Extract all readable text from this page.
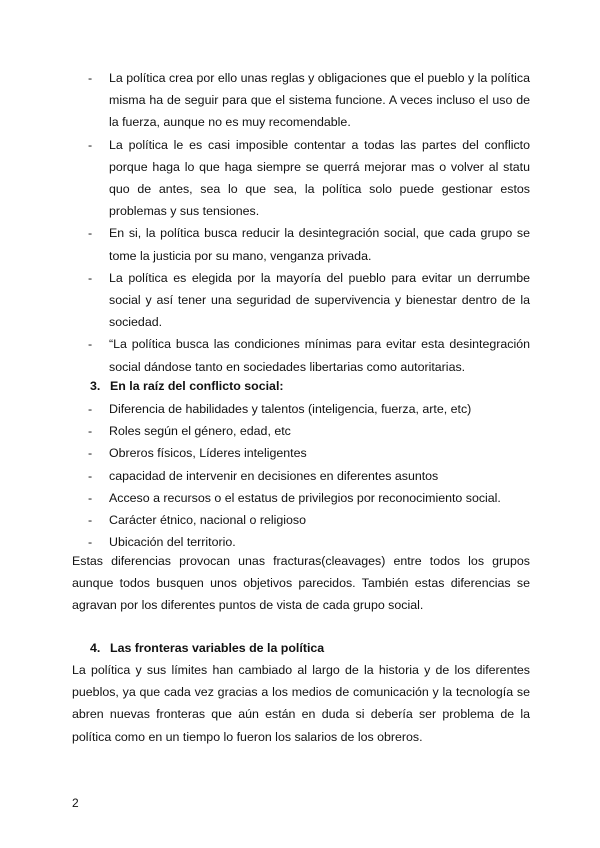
-	La política crea por ello unas reglas y obligaciones que el pueblo y la política misma ha de seguir para que el sistema funcione. A veces incluso el uso de la fuerza, aunque no es muy recomendable.
-	La política le es casi imposible contentar a todas las partes del conflicto porque haga lo que haga siempre se querrá mejorar mas o volver al statu quo de antes, sea lo que sea, la política solo puede gestionar estos problemas y sus tensiones.
-	En si, la política busca reducir la desintegración social, que cada grupo se tome la justicia por su mano, venganza privada.
-	La política es elegida por la mayoría del pueblo para evitar un derrumbe social y así tener una seguridad de supervivencia y bienestar dentro de la sociedad.
-	“La política busca las condiciones mínimas para evitar esta desintegración social dándose tanto en sociedades libertarias como autoritarias.
3. En la raíz del conflicto social:
-	Diferencia de habilidades y talentos (inteligencia, fuerza, arte, etc)
-	Roles según el género, edad, etc
-	Obreros físicos, Líderes inteligentes
-	capacidad de intervenir en decisiones en diferentes asuntos
-	Acceso a recursos o el estatus de privilegios por reconocimiento social.
-	Carácter étnico, nacional o religioso
-	Ubicación del territorio.

Estas diferencias provocan unas fracturas(cleavages) entre todos los grupos aunque todos busquen unos objetivos parecidos. También estas diferencias se agravan por los diferentes puntos de vista de cada grupo social.

4. Las fronteras variables de la política

La política y sus límites han cambiado al largo de la historia y de los diferentes pueblos, ya que cada vez gracias a los medios de comunicación y la tecnología se abren nuevas fronteras que aún están en duda si debería ser problema de la política como en un tiempo lo fueron los salarios de los obreros.

2
